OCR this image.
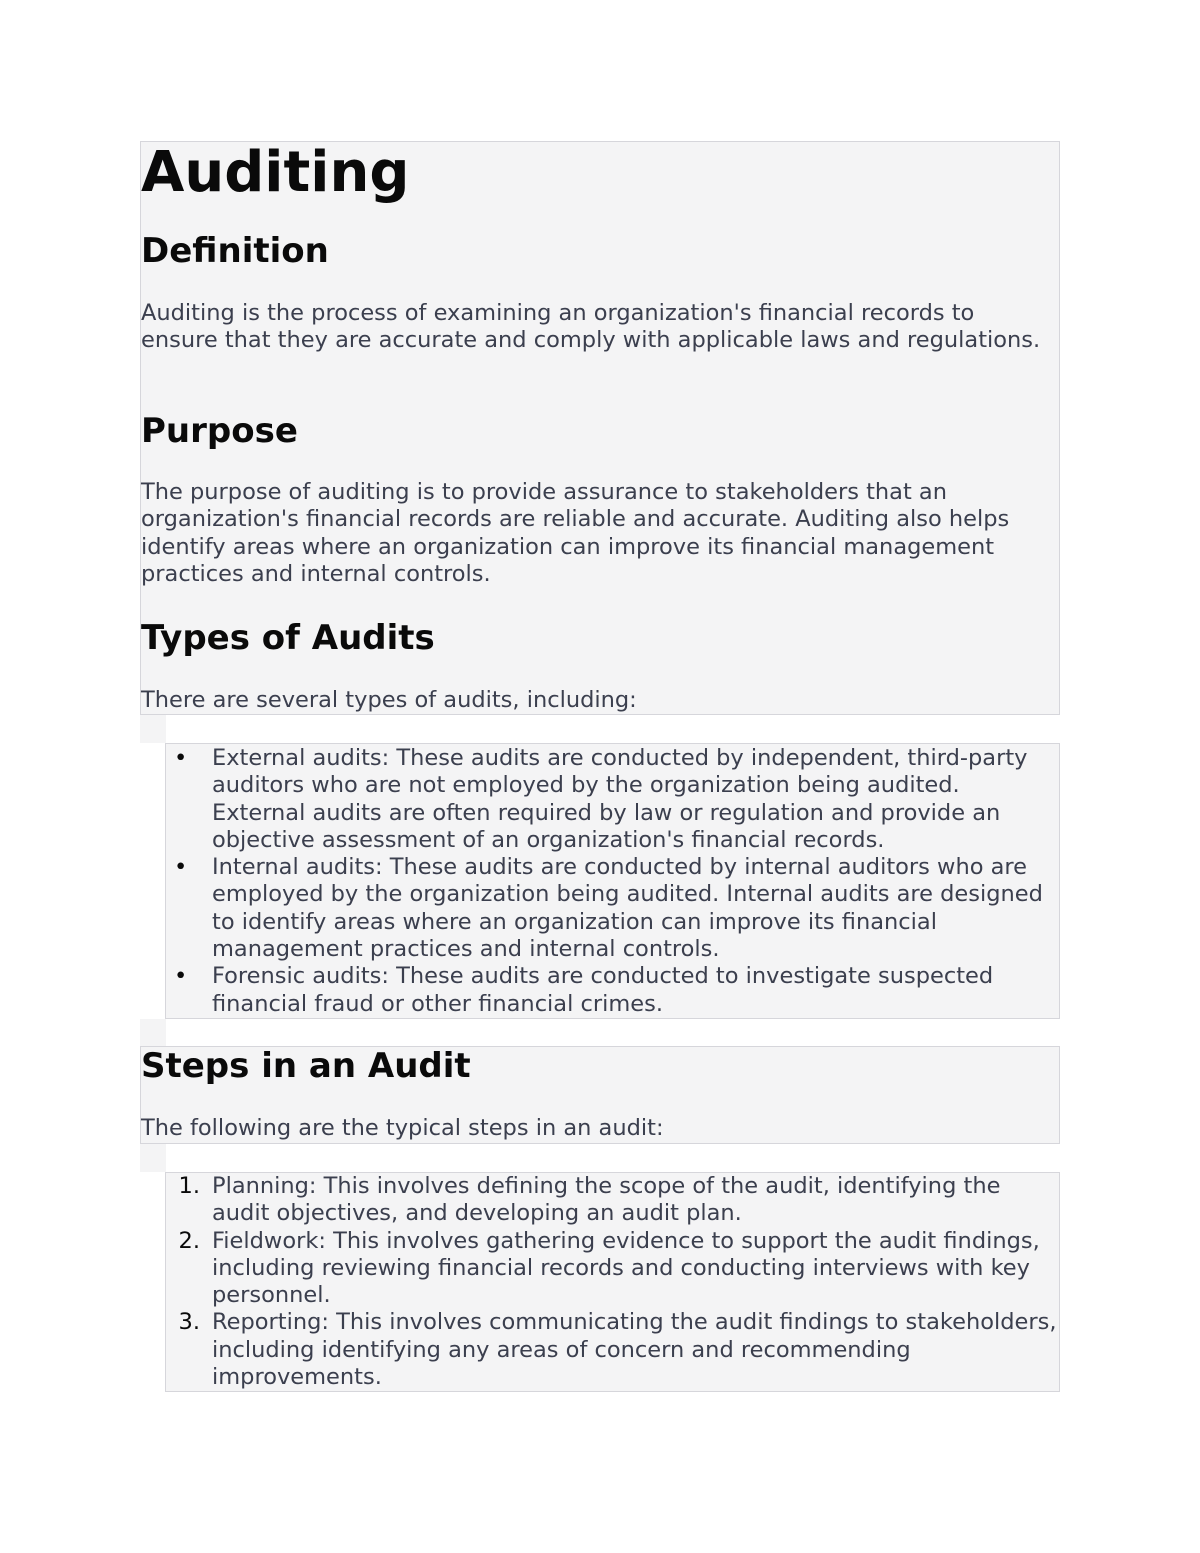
Auditing
Definition

Auditing is the process of examining an organization's financial records to ensure that they are accurate and comply with applicable laws and regulations.

Purpose

The purpose of auditing is to provide assurance to stakeholders that an organization's financial records are reliable and accurate. Auditing also helps identify areas where an organization can improve its financial management practices and internal controls.

Types of Audits

There are several types of audits, including:

• External audits: These audits are conducted by independent, third-party auditors who are not employed by the organization being audited. External audits are often required by law or regulation and provide an objective assessment of an organization's financial records.
• Internal audits: These audits are conducted by internal auditors who are employed by the organization being audited. Internal audits are designed to identify areas where an organization can improve its financial management practices and internal controls.
• Forensic audits: These audits are conducted to investigate suspected financial fraud or other financial crimes.
Steps in an Audit

The following are the typical steps in an audit:

1. Planning: This involves defining the scope of the audit, identifying the audit objectives, and developing an audit plan.
2. Fieldwork: This involves gathering evidence to support the audit findings, including reviewing financial records and conducting interviews with key personnel.
3. Reporting: This involves communicating the audit findings to stakeholders, including identifying any areas of concern and recommending improvements.
